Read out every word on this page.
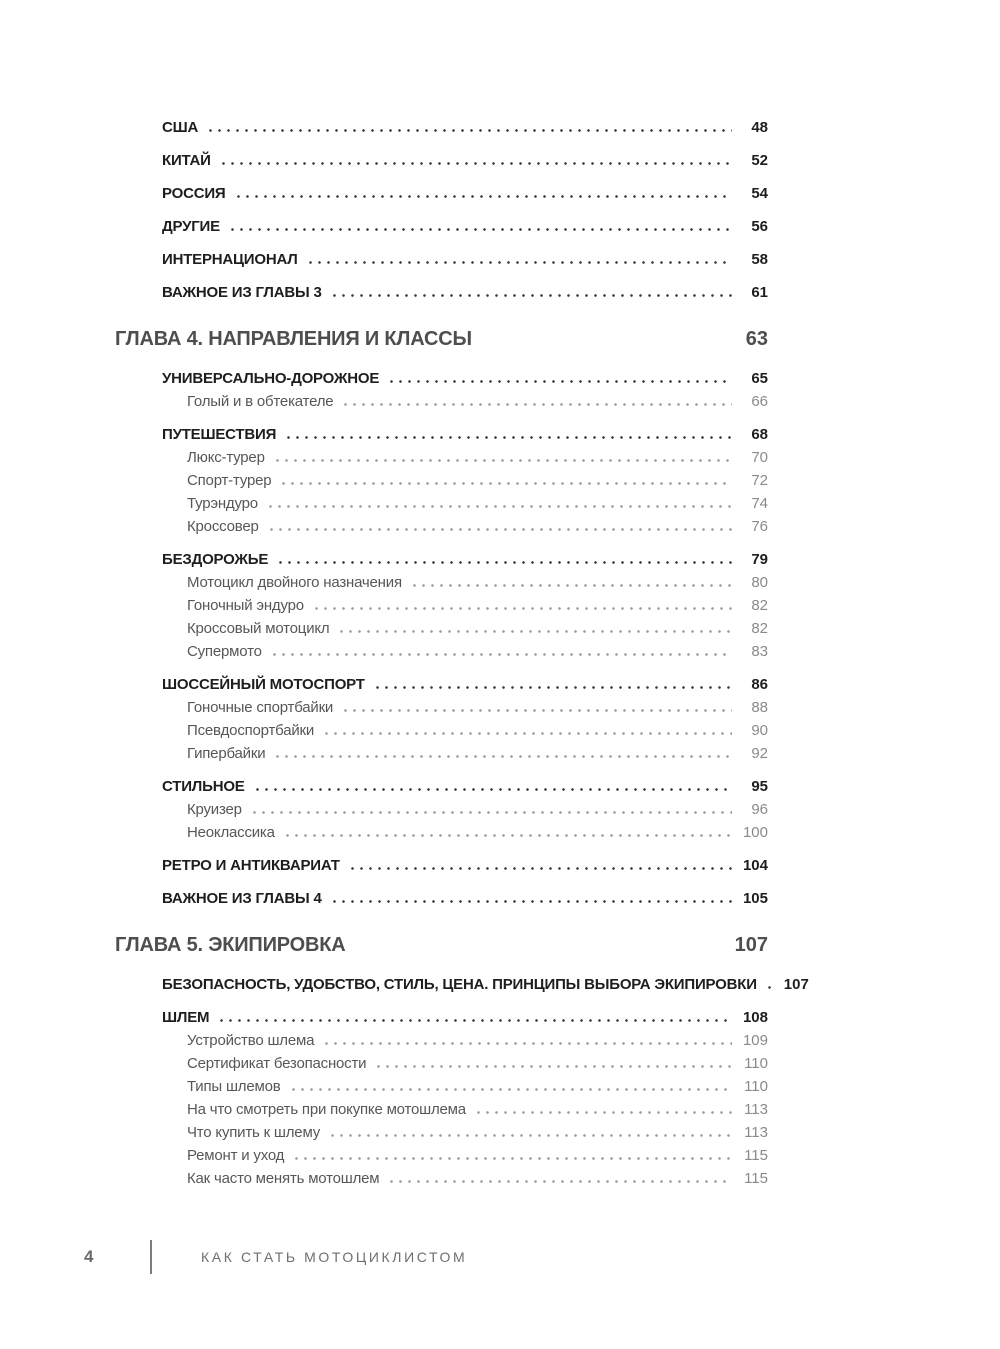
США	48
КИТАЙ	52
РОССИЯ	54
ДРУГИЕ	56
ИНТЕРНАЦИОНАЛ	58
ВАЖНОЕ ИЗ ГЛАВЫ 3	61
ГЛАВА 4. НАПРАВЛЕНИЯ И КЛАССЫ	63
УНИВЕРСАЛЬНО-ДОРОЖНОЕ	65
Голый и в обтекателе	66
ПУТЕШЕСТВИЯ	68
Люкс-турер	70
Спорт-турер	72
Турэндуро	74
Кроссовер	76
БЕЗДОРОЖЬЕ	79
Мотоцикл двойного назначения	80
Гоночный эндуро	82
Кроссовый мотоцикл	82
Супермото	83
ШОССЕЙНЫЙ МОТОСПОРТ	86
Гоночные спортбайки	88
Псевдоспортбайки	90
Гипербайки	92
СТИЛЬНОЕ	95
Круизер	96
Неоклассика	100
РЕТРО И АНТИКВАРИАТ	104
ВАЖНОЕ ИЗ ГЛАВЫ 4	105
ГЛАВА 5. ЭКИПИРОВКА	107
БЕЗОПАСНОСТЬ, УДОБСТВО, СТИЛЬ, ЦЕНА. ПРИНЦИПЫ ВЫБОРА ЭКИПИРОВКИ 107
ШЛЕМ	108
Устройство шлема	109
Сертификат безопасности	110
Типы шлемов	110
На что смотреть при покупке мотошлема	113
Что купить к шлему	113
Ремонт и уход	115
Как часто менять мотошлем	115
4	КАК СТАТЬ МОТОЦИКЛИСТОМ
